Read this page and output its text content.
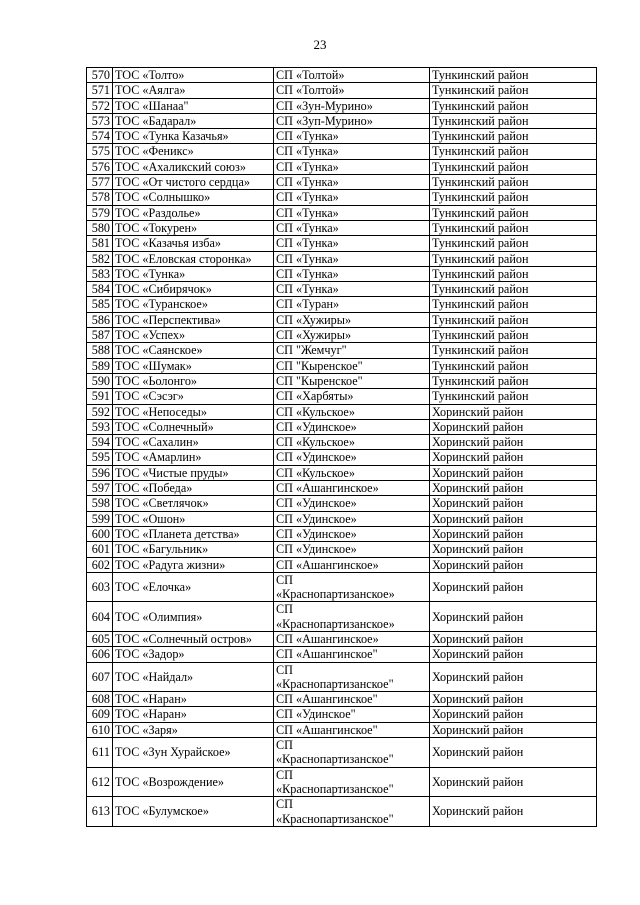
23
570	ТОС «Толто»	СП «Толтой»	Тункинский район
571	ТОС «Аялга»	СП «Толтой»	Тункинский район
572	ТОС «Шанаа"	СП «Зун-Мурино»	Тункинский район
573	ТОС «Бадарал»	СП «Зуп-Мурино»	Тункинский район
574	ТОС «Тунка Казачья»	СП «Тунка»	Тункинский район
575	ТОС «Феникс»	СП «Тунка»	Тункинский район
576	ТОС «Ахаликский союз»	СП «Тунка»	Тункинский район
577	ТОС «От чистого сердца»	СП «Тунка»	Тункинский район
578	ТОС «Солнышко»	СП «Тунка»	Тункинский район
579	ТОС «Раздолье»	СП «Тунка»	Тункинский район
580	ТОС «Токурен»	СП «Тунка»	Тункинский район
581	ТОС «Казачья изба»	СП «Тунка»	Тункинский район
582	ТОС «Еловская сторонка»	СП «Тунка»	Тункинский район
583	ТОС «Тунка»	СП «Тунка»	Тункинский район
584	ТОС «Сибирячок»	СП «Тунка»	Тункинский район
585	ТОС «Туранское»	СП «Туран»	Тункинский район
586	ТОС «Перспектива»	СП «Хужиры»	Тункинский район
587	ТОС «Успех»	СП «Хужиры»	Тункинский район
588	ТОС «Саянское»	СП "Жемчуг"	Тункинский район
589	ТОС «Шумак»	СП "Кыренское"	Тункинский район
590	ТОС «Ьолонго»	СП "Кыренское"	Тункинский район
591	ТОС «Сэсэг»	СП «Харбяты»	Тункинский район
592	ТОС «Непоседы»	СП «Кульское»	Хоринский район
593	ТОС «Солнечный»	СП «Удинское»	Хоринский район
594	ТОС «Сахалин»	СП «Кульское»	Хоринский район
595	ТОС «Амарлин»	СП «Удинское»	Хоринский район
596	ТОС «Чистые пруды»	СП «Кульское»	Хоринский район
597	ТОС «Победа»	СП «Ашангинское»	Хоринский район
598	ТОС «Светлячок»	СП «Удинское»	Хоринский район
599	ТОС «Ошон»	СП «Удинское»	Хоринский район
600	ТОС «Планета детства»	СП «Удинское»	Хоринский район
601	ТОС «Багульник»	СП «Удинское»	Хоринский район
602	ТОС «Радуга жизни»	СП «Ашангинское»	Хоринский район
603	ТОС «Елочка»	СП
«Краснопартизанское»	Хоринский район
604	ТОС «Олимпия»	СП
«Краснопартизанское»	Хоринский район
605	ТОС «Солнечный остров»	СП «Ашангинское»	Хоринский район
606	ТОС «Задор»	СП «Ашангинское"	Хоринский район
607	ТОС «Найдал»	СП
«Краснопартизанское"	Хоринский район
608	ТОС «Наран»	СП «Ашангинское"	Хоринский район
609	ТОС «Наран»	СП «Удинское"	Хоринский район
610	ТОС «Заря»	СП «Ашангинское"	Хоринский район
611	ТОС «Зун Хурайское»	СП
«Краснопартизанское"	Хоринский район
612	ТОС «Возрождение»	СП
«Краснопартизанское"	Хоринский район
613	ТОС «Булумское»	СП
«Краснопартизанское"	Хоринский район
